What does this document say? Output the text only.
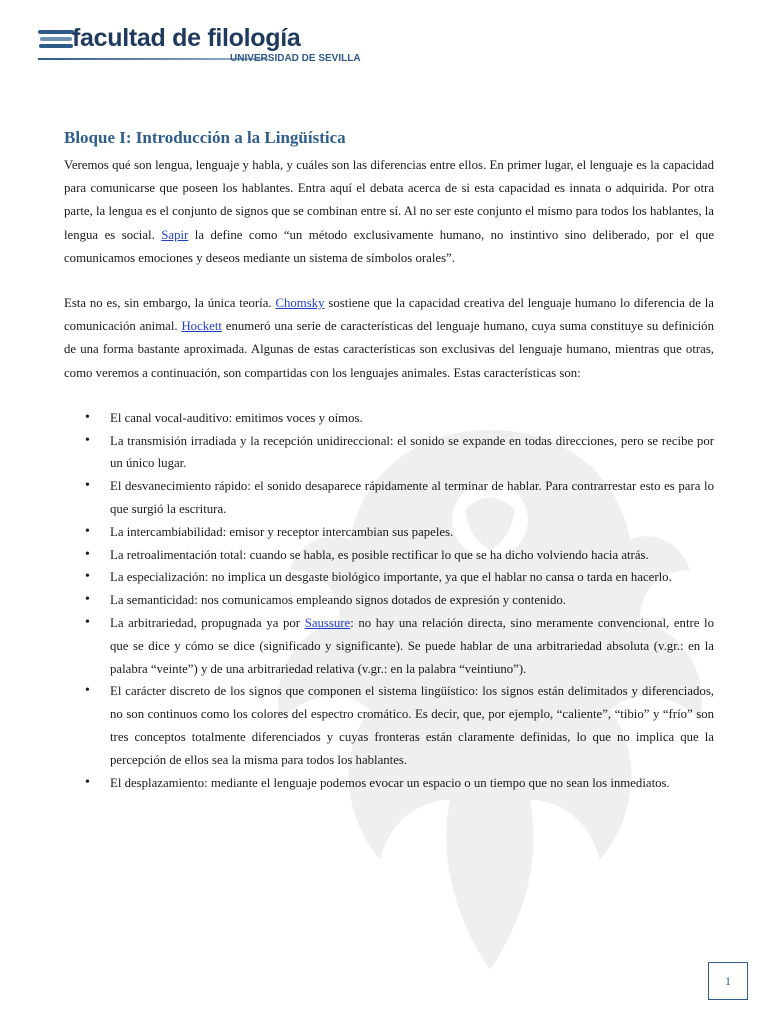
facultad de filología
UNIVERSIDAD DE SEVILLA
Bloque I: Introducción a la Lingüística

Veremos qué son lengua, lenguaje y habla, y cuáles son las diferencias entre ellos. En primer lugar, el lenguaje es la capacidad para comunicarse que poseen los hablantes. Entra aquí el debata acerca de si esta capacidad es innata o adquirida. Por otra parte, la lengua es el conjunto de signos que se combinan entre sí. Al no ser este conjunto el mismo para todos los hablantes, la lengua es social. Sapir la define como “un método exclusivamente humano, no instintivo sino deliberado, por el que comunicamos emociones y deseos mediante un sistema de símbolos orales”.

Esta no es, sin embargo, la única teoría. Chomsky sostiene que la capacidad creativa del lenguaje humano lo diferencia de la comunicación animal. Hockett enumeró una serie de características del lenguaje humano, cuya suma constituye su definición de una forma bastante aproximada. Algunas de estas características son exclusivas del lenguaje humano, mientras que otras, como veremos a continuación, son compartidas con los lenguajes animales. Estas características son:

• El canal vocal-auditivo: emitimos voces y oímos.
• La transmisión irradiada y la recepción unidireccional: el sonido se expande en todas direcciones, pero se recibe por un único lugar.
• El desvanecimiento rápido: el sonido desaparece rápidamente al terminar de hablar. Para contrarrestar esto es para lo que surgió la escritura.
• La intercambiabilidad: emisor y receptor intercambian sus papeles.
• La retroalimentación total: cuando se habla, es posible rectificar lo que se ha dicho volviendo hacia atrás.
• La especialización: no implica un desgaste biológico importante, ya que el hablar no cansa o tarda en hacerlo.
• La semanticidad: nos comunicamos empleando signos dotados de expresión y contenido.
• La arbitrariedad, propugnada ya por Saussure: no hay una relación directa, sino meramente convencional, entre lo que se dice y cómo se dice (significado y significante). Se puede hablar de una arbitrariedad absoluta (v.gr.: en la palabra “veinte”) y de una arbitrariedad relativa (v.gr.: en la palabra “veintiuno”).
• El carácter discreto de los signos que componen el sistema lingüístico: los signos están delimitados y diferenciados, no son continuos como los colores del espectro cromático. Es decir, que, por ejemplo, “caliente”, “tibio” y “frío” son tres conceptos totalmente diferenciados y cuyas fronteras están claramente definidas, lo que no implica que la percepción de ellos sea la misma para todos los hablantes.
• El desplazamiento: mediante el lenguaje podemos evocar un espacio o un tiempo que no sean los inmediatos.
1
